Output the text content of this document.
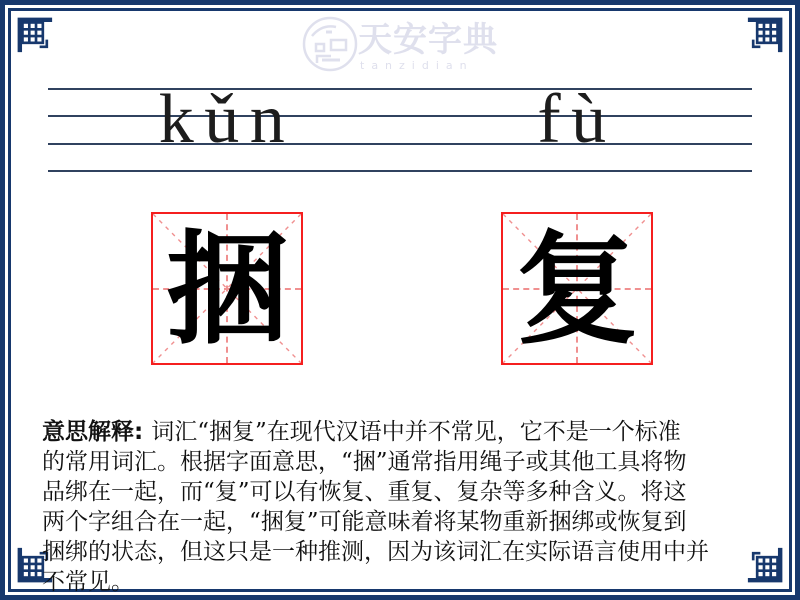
天安字典
tanzidian
kǔn	fù
捆 复
意思解释: 词汇“捆复”在现代汉语中并不常见，它不是一个标准
的常用词汇。根据字面意思，“捆”通常指用绳子或其他工具将物
品绑在一起，而“复”可以有恢复、重复、复杂等多种含义。将这
两个字组合在一起，“捆复”可能意味着将某物重新捆绑或恢复到
捆绑的状态，但这只是一种推测，因为该词汇在实际语言使用中并
不常见。
